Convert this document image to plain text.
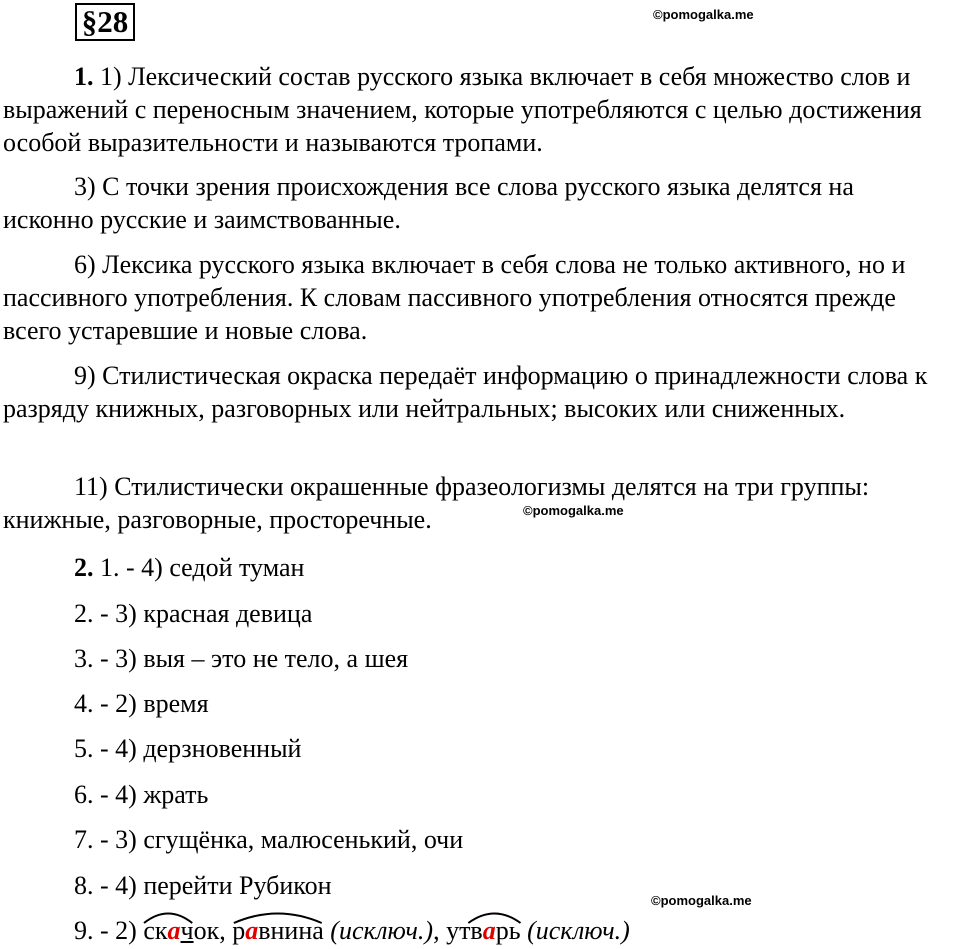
§28	©pomogalka.me

1. 1) Лексический состав русского языка включает в себя множество слов и выражений с переносным значением, которые употребляются с целью достижения особой выразительности и называются тропами.

3) С точки зрения происхождения все слова русского языка делятся на исконно русские и заимствованные.

6) Лексика русского языка включает в себя слова не только активного, но и пассивного употребления. К словам пассивного употребления относятся прежде всего устаревшие и новые слова.

9) Стилистическая окраска передаёт информацию о принадлежности слова к разряду книжных, разговорных или нейтральных; высоких или сниженных.

11) Стилистически окрашенные фразеологизмы делятся на три группы: книжные, разговорные, просторечные.	©pomogalka.me
2. 1. - 4) седой туман
2. - 3) красная девица
3. - 3) выя – это не тело, а шея
4. - 2) время
5. - 4) дерзновенный
6. - 4) жрать
7. - 3) сгущёнка, малюсенький, очи
8. - 4) перейти Рубикон
©pomogalka.me
9. - 2)
скачок,
равнина (исключ.),
утварь (исключ.)
